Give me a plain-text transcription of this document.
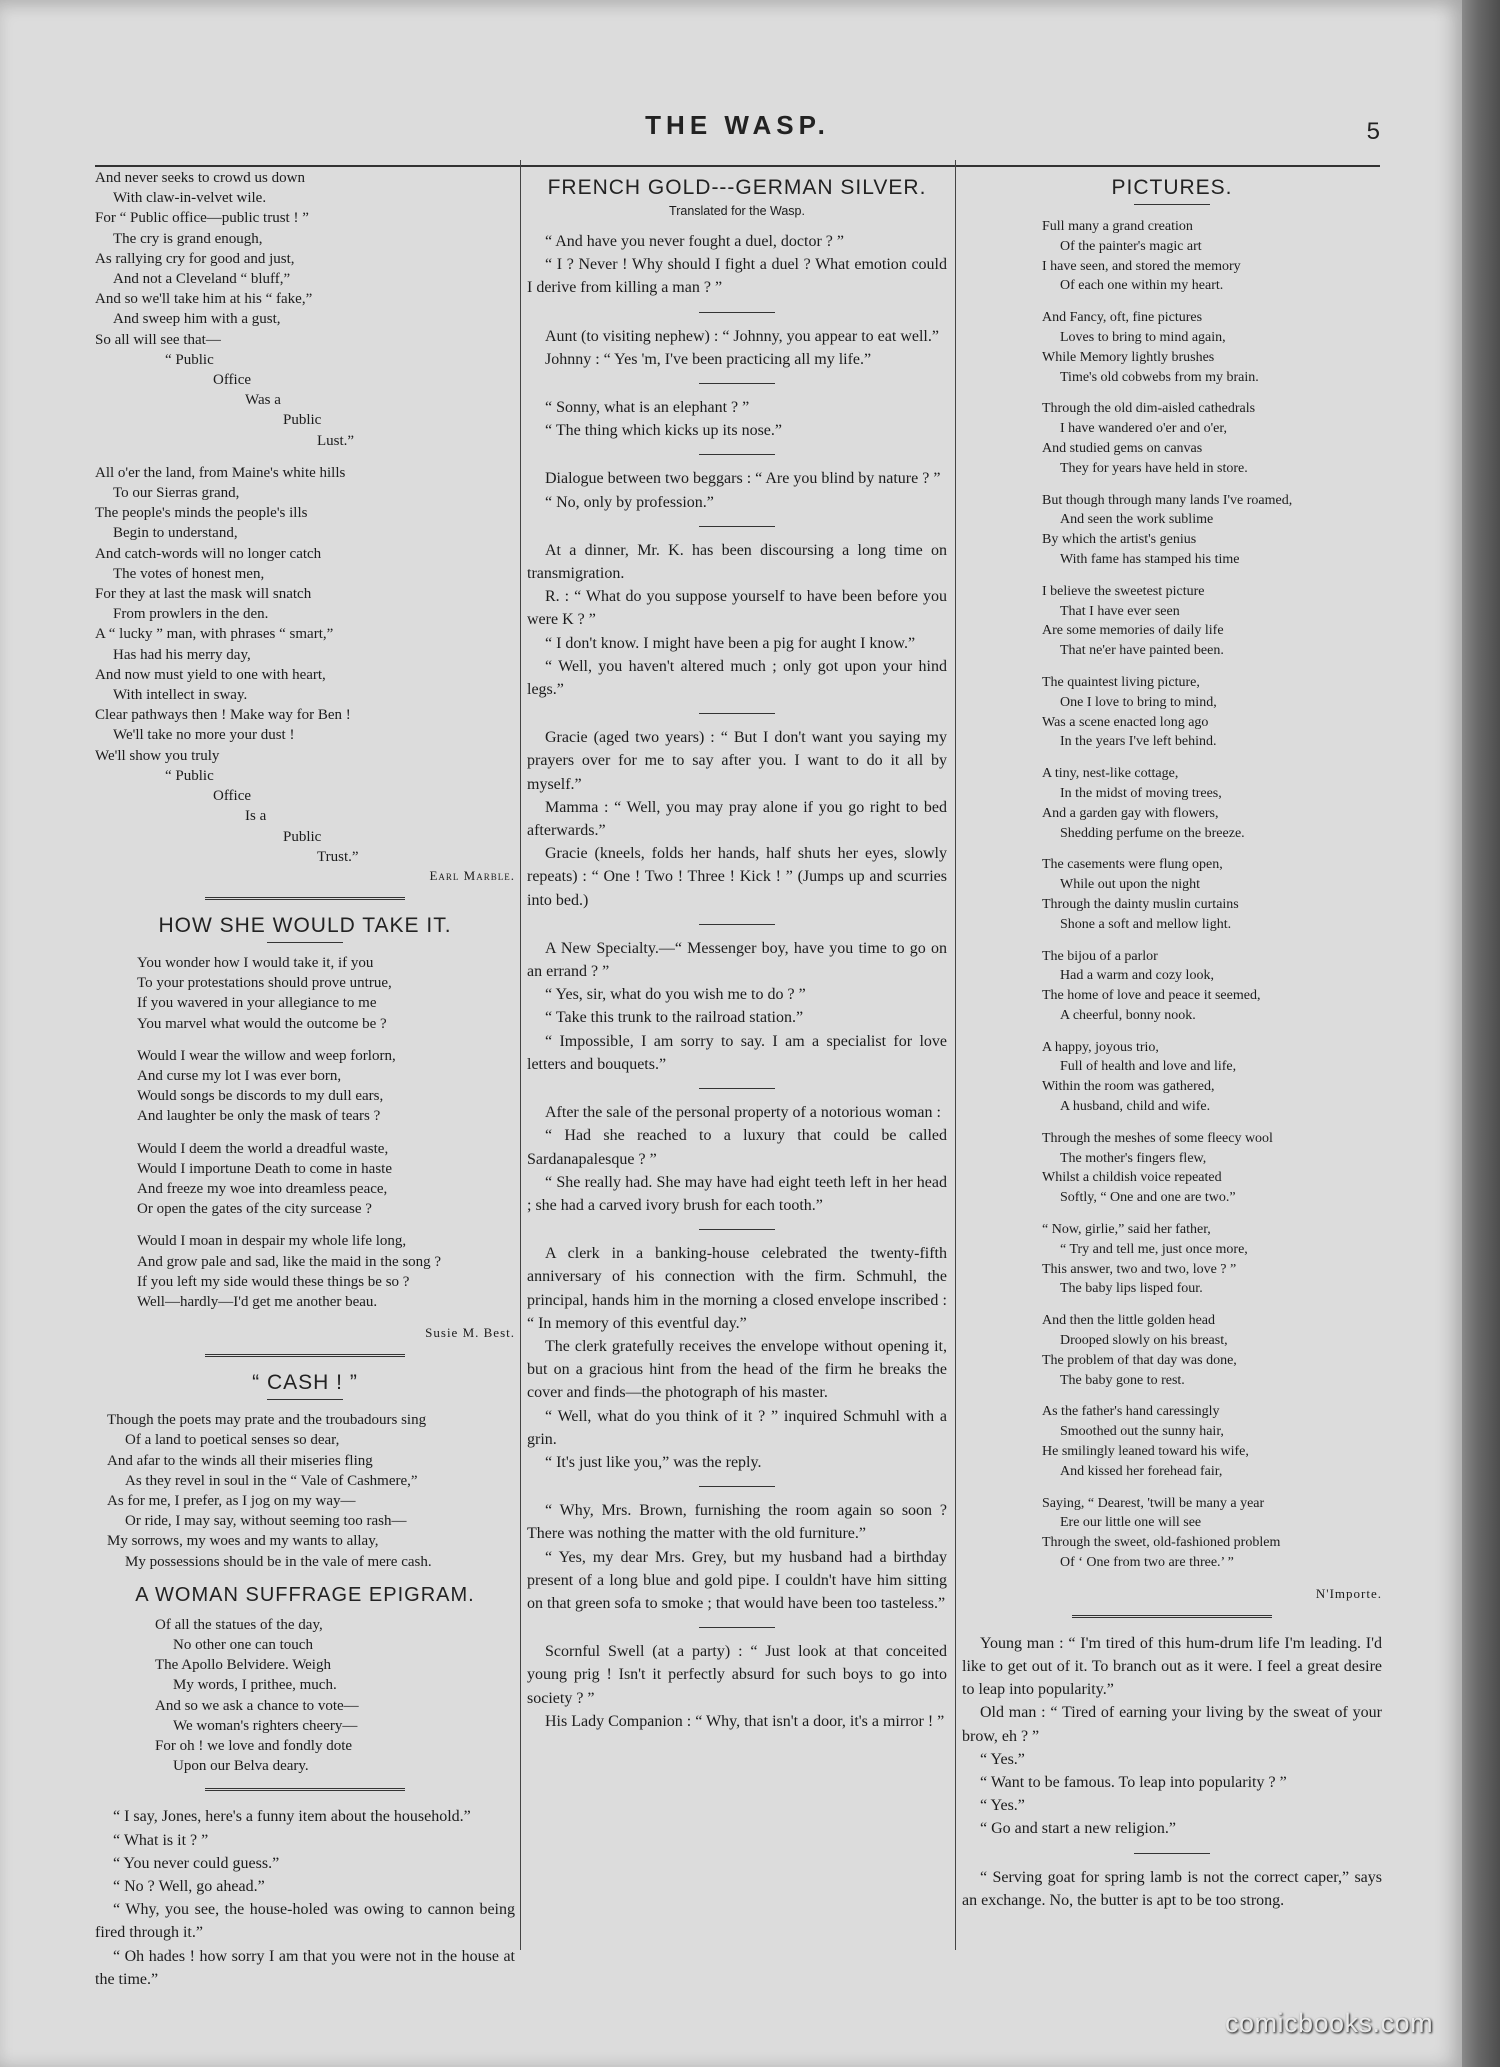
THE WASP.	5
And never seeks to crowd us down
With claw-in-velvet wile.
For “ Public office—public trust ! ”
The cry is grand enough,
As rallying cry for good and just,
And not a Cleveland “ bluff,”
And so we'll take him at his “ fake,”
And sweep him with a gust,
So all will see that—
“ Public
Office
Was a
Public
Lust.”
All o'er the land, from Maine's white hills
To our Sierras grand,
The people's minds the people's ills
Begin to understand,
And catch-words will no longer catch
The votes of honest men,
For they at last the mask will snatch
From prowlers in the den.
A “ lucky ” man, with phrases “ smart,”
Has had his merry day,
And now must yield to one with heart,
With intellect in sway.
Clear pathways then ! Make way for Ben !
We'll take no more your dust !
We'll show you truly
“ Public
Office
Is a
Public
Trust.”

Earl Marble.

HOW SHE WOULD TAKE IT.
You wonder how I would take it, if you
To your protestations should prove untrue,
If you wavered in your allegiance to me
You marvel what would the outcome be ?
Would I wear the willow and weep forlorn,
And curse my lot I was ever born,
Would songs be discords to my dull ears,
And laughter be only the mask of tears ?
Would I deem the world a dreadful waste,
Would I importune Death to come in haste
And freeze my woe into dreamless peace,
Or open the gates of the city surcease ?
Would I moan in despair my whole life long,
And grow pale and sad, like the maid in the song ?
If you left my side would these things be so ?
Well—hardly—I'd get me another beau.

Susie M. Best.

“ CASH ! ”
Though the poets may prate and the troubadours sing
Of a land to poetical senses so dear,
And afar to the winds all their miseries fling
As they revel in soul in the “ Vale of Cashmere,”
As for me, I prefer, as I jog on my way—
Or ride, I may say, without seeming too rash—
My sorrows, my woes and my wants to allay,
My possessions should be in the vale of mere cash.
A WOMAN SUFFRAGE EPIGRAM.
Of all the statues of the day,
No other one can touch
The Apollo Belvidere. Weigh
My words, I prithee, much.
And so we ask a chance to vote—
We woman's righters cheery—
For oh ! we love and fondly dote
Upon our Belva deary.

“ I say, Jones, here's a funny item about the household.”

“ What is it ? ”

“ You never could guess.”

“ No ? Well, go ahead.”

“ Why, you see, the house-holed was owing to cannon being fired through it.”

“ Oh hades ! how sorry I am that you were not in the house at the time.”

FRENCH GOLD---GERMAN SILVER.
Translated for the Wasp.

“ And have you never fought a duel, doctor ? ”

“ I ? Never ! Why should I fight a duel ? What emotion could I derive from killing a man ? ”

Aunt (to visiting nephew) : “ Johnny, you appear to eat well.”

Johnny : “ Yes 'm, I've been practicing all my life.”

“ Sonny, what is an elephant ? ”

“ The thing which kicks up its nose.”

Dialogue between two beggars : “ Are you blind by nature ? ”

“ No, only by profession.”

At a dinner, Mr. K. has been discoursing a long time on transmigration.

R. : “ What do you suppose yourself to have been before you were K ? ”

“ I don't know. I might have been a pig for aught I know.”

“ Well, you haven't altered much ; only got upon your hind legs.”

Gracie (aged two years) : “ But I don't want you saying my prayers over for me to say after you. I want to do it all by myself.”

Mamma : “ Well, you may pray alone if you go right to bed afterwards.”

Gracie (kneels, folds her hands, half shuts her eyes, slowly repeats) : “ One ! Two ! Three ! Kick ! ” (Jumps up and scurries into bed.)

A New Specialty.—“ Messenger boy, have you time to go on an errand ? ”

“ Yes, sir, what do you wish me to do ? ”

“ Take this trunk to the railroad station.”

“ Impossible, I am sorry to say. I am a specialist for love letters and bouquets.”

After the sale of the personal property of a notorious woman :

“ Had she reached to a luxury that could be called Sardanapalesque ? ”

“ She really had. She may have had eight teeth left in her head ; she had a carved ivory brush for each tooth.”

A clerk in a banking-house celebrated the twenty-fifth anniversary of his connection with the firm. Schmuhl, the principal, hands him in the morning a closed envelope inscribed : “ In memory of this eventful day.”

The clerk gratefully receives the envelope without opening it, but on a gracious hint from the head of the firm he breaks the cover and finds—the photograph of his master.

“ Well, what do you think of it ? ” inquired Schmuhl with a grin.

“ It's just like you,” was the reply.

“ Why, Mrs. Brown, furnishing the room again so soon ? There was nothing the matter with the old furniture.”

“ Yes, my dear Mrs. Grey, but my husband had a birthday present of a long blue and gold pipe. I couldn't have him sitting on that green sofa to smoke ; that would have been too tasteless.”

Scornful Swell (at a party) : “ Just look at that conceited young prig ! Isn't it perfectly absurd for such boys to go into society ? ”

His Lady Companion : “ Why, that isn't a door, it's a mirror ! ”

PICTURES.
Full many a grand creation
Of the painter's magic art
I have seen, and stored the memory
Of each one within my heart.
And Fancy, oft, fine pictures
Loves to bring to mind again,
While Memory lightly brushes
Time's old cobwebs from my brain.
Through the old dim-aisled cathedrals
I have wandered o'er and o'er,
And studied gems on canvas
They for years have held in store.
But though through many lands I've roamed,
And seen the work sublime
By which the artist's genius
With fame has stamped his time
I believe the sweetest picture
That I have ever seen
Are some memories of daily life
That ne'er have painted been.
The quaintest living picture,
One I love to bring to mind,
Was a scene enacted long ago
In the years I've left behind.
A tiny, nest-like cottage,
In the midst of moving trees,
And a garden gay with flowers,
Shedding perfume on the breeze.
The casements were flung open,
While out upon the night
Through the dainty muslin curtains
Shone a soft and mellow light.
The bijou of a parlor
Had a warm and cozy look,
The home of love and peace it seemed,
A cheerful, bonny nook.
A happy, joyous trio,
Full of health and love and life,
Within the room was gathered,
A husband, child and wife.
Through the meshes of some fleecy wool
The mother's fingers flew,
Whilst a childish voice repeated
Softly, “ One and one are two.”
“ Now, girlie,” said her father,
“ Try and tell me, just once more,
This answer, two and two, love ? ”
The baby lips lisped four.
And then the little golden head
Drooped slowly on his breast,
The problem of that day was done,
The baby gone to rest.
As the father's hand caressingly
Smoothed out the sunny hair,
He smilingly leaned toward his wife,
And kissed her forehead fair,
Saying, “ Dearest, 'twill be many a year
Ere our little one will see
Through the sweet, old-fashioned problem
Of ‘ One from two are three.’ ”

N'Importe.

Young man : “ I'm tired of this hum-drum life I'm leading. I'd like to get out of it. To branch out as it were. I feel a great desire to leap into popularity.”

Old man : “ Tired of earning your living by the sweat of your brow, eh ? ”

“ Yes.”

“ Want to be famous. To leap into popularity ? ”

“ Yes.”

“ Go and start a new religion.”

“ Serving goat for spring lamb is not the correct caper,” says an exchange. No, the butter is apt to be too strong.

comicbooks.com
